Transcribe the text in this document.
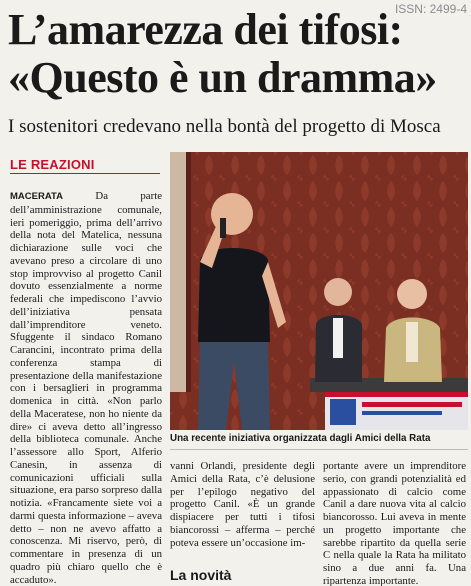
ISSN: 2499-4
L’amarezza dei tifosi:
«Questo è un dramma»
I sostenitori credevano nella bontà del progetto di Mosca
LE REAZIONI
MACERATA	Da parte dell’amministrazione comunale, ieri pomeriggio, prima dell’arrivo della nota del Matelica, nessuna dichiarazione sulle voci che avevano preso a circolare di uno stop improvviso al progetto Canil dovuto essenzialmente a norme federali che impediscono l’avvio dell’iniziativa pensata dall’imprenditore veneto. Sfuggente il sindaco Romano Carancini, incontrato prima della conferenza stampa di presentazione della manifestazione con i bersaglieri in programma domenica in città. «Non parlo della Maceratese, non ho niente da dire» ci aveva detto all’ingresso della biblioteca comunale. Anche l’assessore allo Sport, Alferio Canesin, in assenza di comunicazioni ufficiali sulla situazione, era parso sorpreso dalla notizia. «Francamente siete voi a darmi questa informazione – aveva detto – non ne avevo affatto a conoscenza. Mi riservo, però, di commentare in presenza di un quadro più chiaro quello che è accaduto».
Una recente iniziativa organizzata dagli Amici della Rata
vanni Orlandi, presidente degli Amici della Rata, c’è delusione per l’epilogo negativo del progetto Canil. «È un grande dispiacere per tutti i tifosi biancorossi – afferma – perché poteva essere un’occasione im-
La novità
portante avere un imprenditore serio, con grandi potenzialità ed appassionato di calcio come Canil a dare nuova vita al calcio biancorosso. Lui aveva in mente un progetto importante che sarebbe ripartito da quella serie C nella quale la Rata ha militato sino a due anni fa. Una ripartenza importante.
